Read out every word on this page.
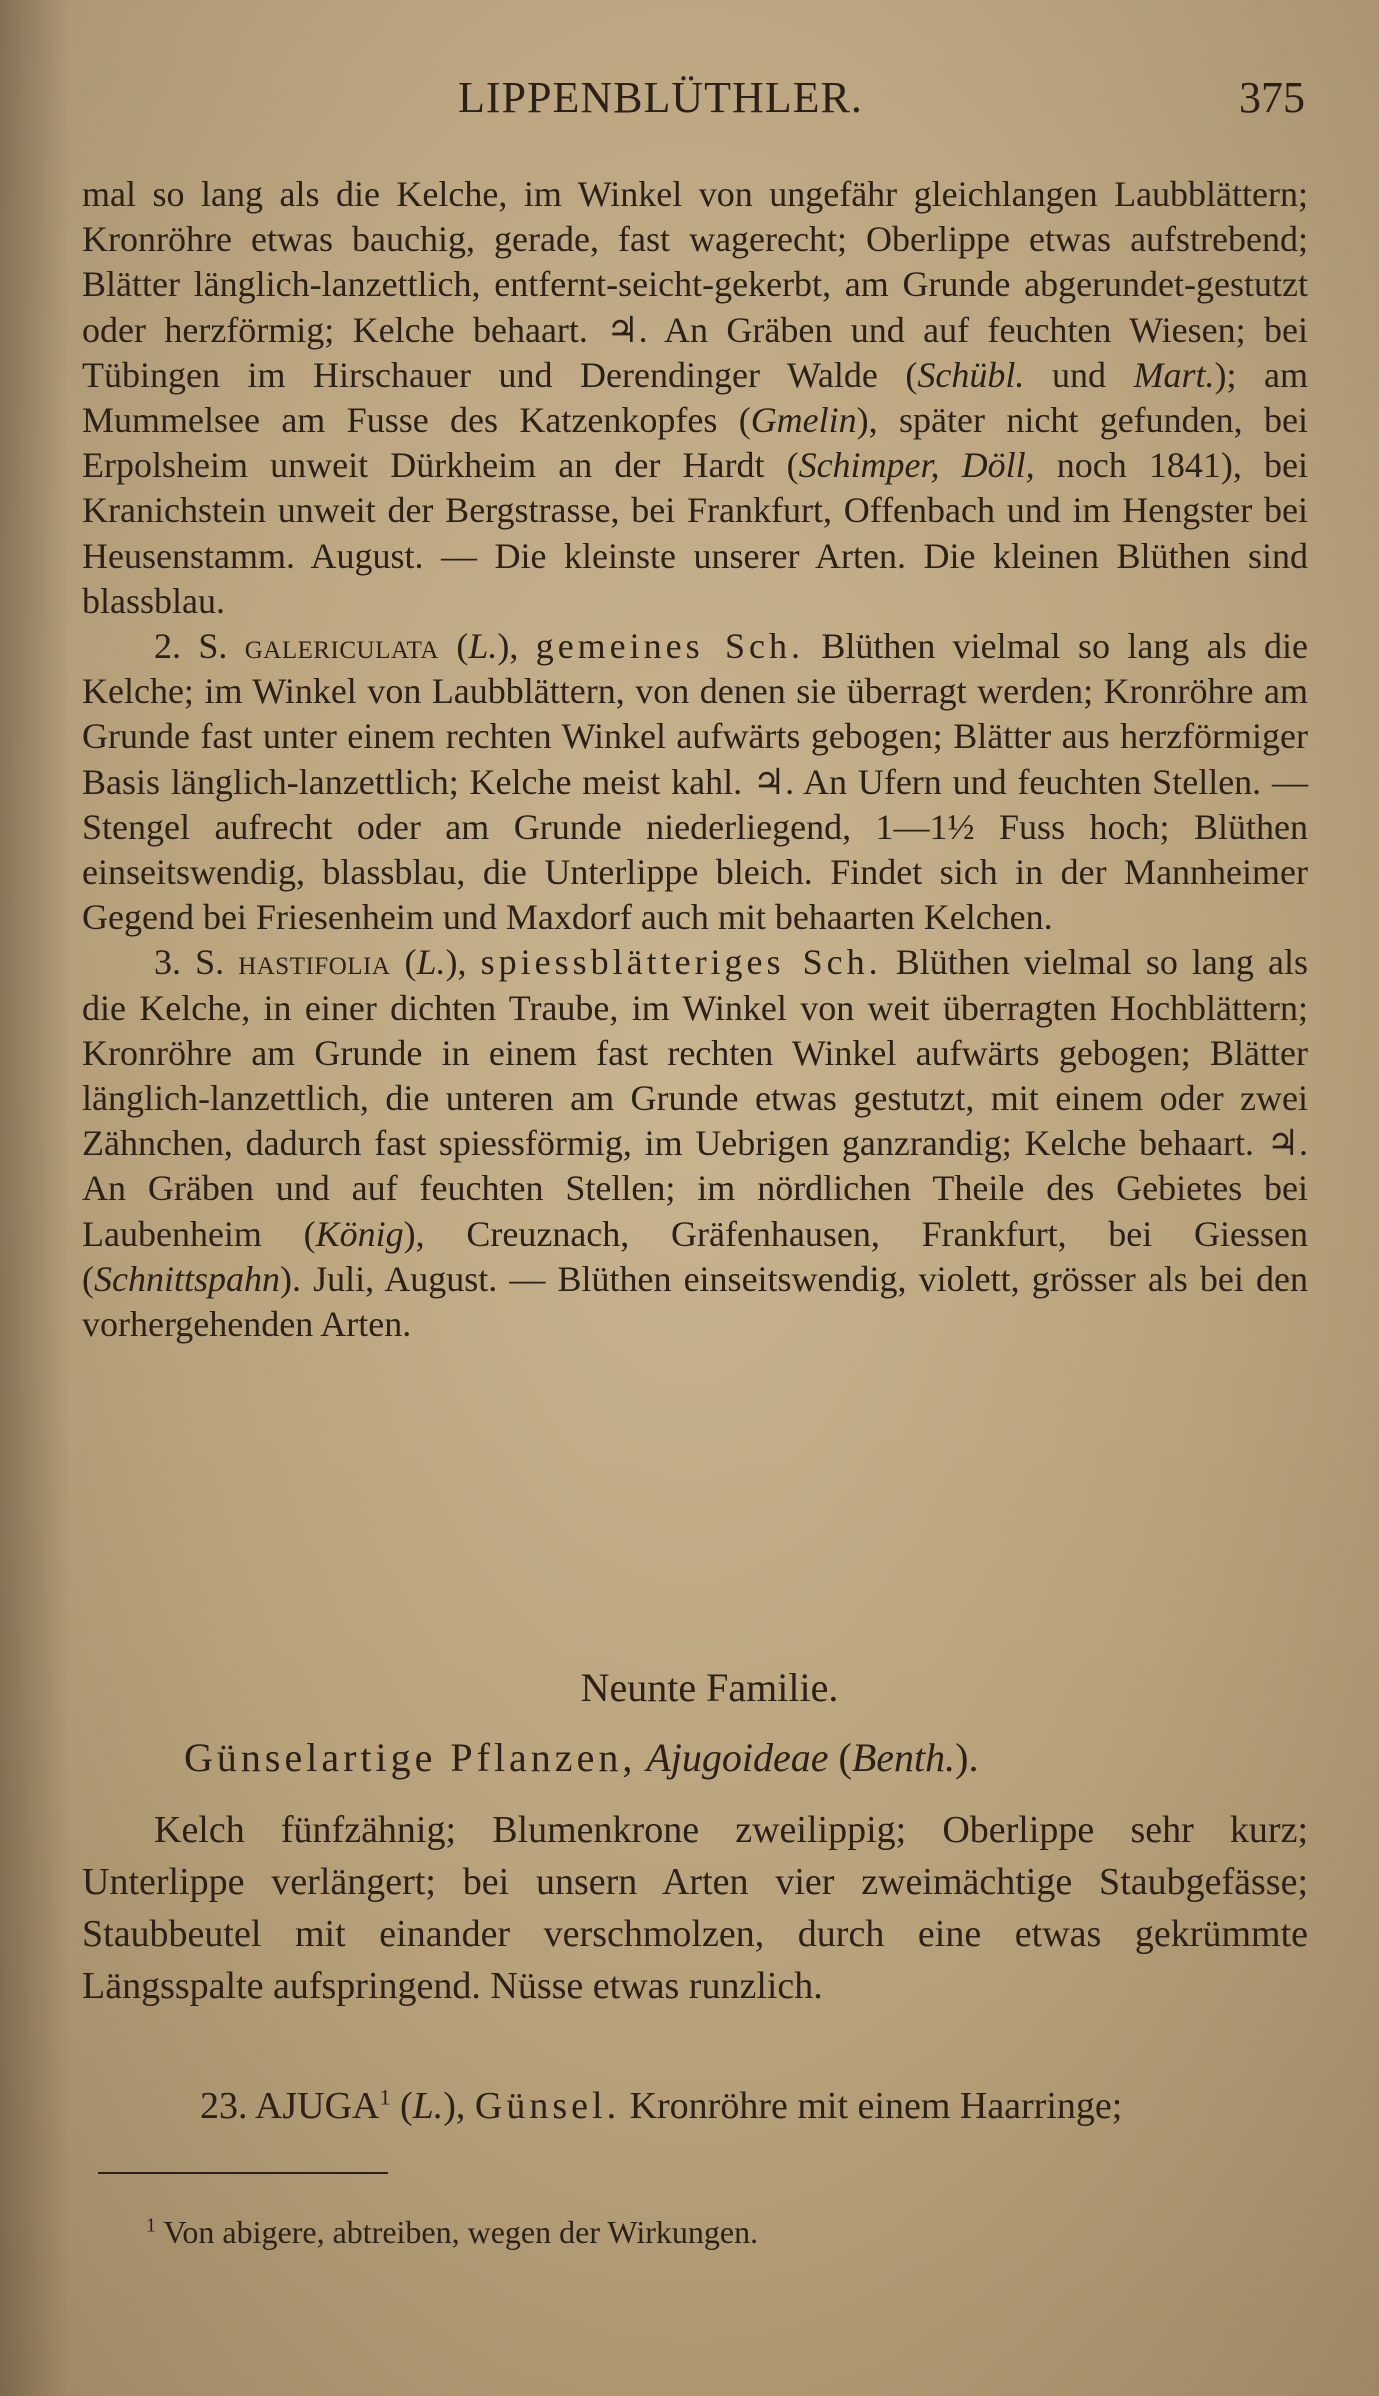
LIPPENBLÜTHLER.	375

mal so lang als die Kelche, im Winkel von ungefähr gleichlangen Laubblättern; Kronröhre etwas bauchig, gerade, fast wagerecht; Oberlippe etwas aufstrebend; Blätter länglich-lanzettlich, entfernt-seicht-gekerbt, am Grunde abgerundet-gestutzt oder herzförmig; Kelche behaart. ♃. An Gräben und auf feuchten Wiesen; bei Tübingen im Hirschauer und Derendinger Walde (Schübl. und Mart.); am Mummelsee am Fusse des Katzenkopfes (Gmelin), später nicht gefunden, bei Erpolsheim unweit Dürkheim an der Hardt (Schimper, Döll, noch 1841), bei Kranichstein unweit der Bergstrasse, bei Frankfurt, Offenbach und im Hengster bei Heusenstamm. August. — Die kleinste unserer Arten. Die kleinen Blüthen sind blassblau.

2. S. galericulata (L.), gemeines Sch. Blüthen vielmal so lang als die Kelche; im Winkel von Laubblättern, von denen sie überragt werden; Kronröhre am Grunde fast unter einem rechten Winkel aufwärts gebogen; Blätter aus herzförmiger Basis länglich-lanzettlich; Kelche meist kahl. ♃. An Ufern und feuchten Stellen. — Stengel aufrecht oder am Grunde niederliegend, 1—1½ Fuss hoch; Blüthen einseitswendig, blassblau, die Unterlippe bleich. Findet sich in der Mannheimer Gegend bei Friesenheim und Maxdorf auch mit behaarten Kelchen.

3. S. hastifolia (L.), spiessblätteriges Sch. Blüthen vielmal so lang als die Kelche, in einer dichten Traube, im Winkel von weit überragten Hochblättern; Kronröhre am Grunde in einem fast rechten Winkel aufwärts gebogen; Blätter länglich-lanzettlich, die unteren am Grunde etwas gestutzt, mit einem oder zwei Zähnchen, dadurch fast spiessförmig, im Uebrigen ganzrandig; Kelche behaart. ♃. An Gräben und auf feuchten Stellen; im nördlichen Theile des Gebietes bei Laubenheim (König), Creuznach, Gräfenhausen, Frankfurt, bei Giessen (Schnittspahn). Juli, August. — Blüthen einseitswendig, violett, grösser als bei den vorhergehenden Arten.

Neunte Familie.
Günselartige Pflanzen, Ajugoideae (Benth.).

Kelch fünfzähnig; Blumenkrone zweilippig; Oberlippe sehr kurz; Unterlippe verlängert; bei unsern Arten vier zweimächtige Staubgefässe; Staubbeutel mit einander verschmolzen, durch eine etwas gekrümmte Längsspalte aufspringend. Nüsse etwas runzlich.

23. AJUGA$^1$ (L.), Günsel. Kronröhre mit einem Haarringe;
$^1$ Von abigere, abtreiben, wegen der Wirkungen.
